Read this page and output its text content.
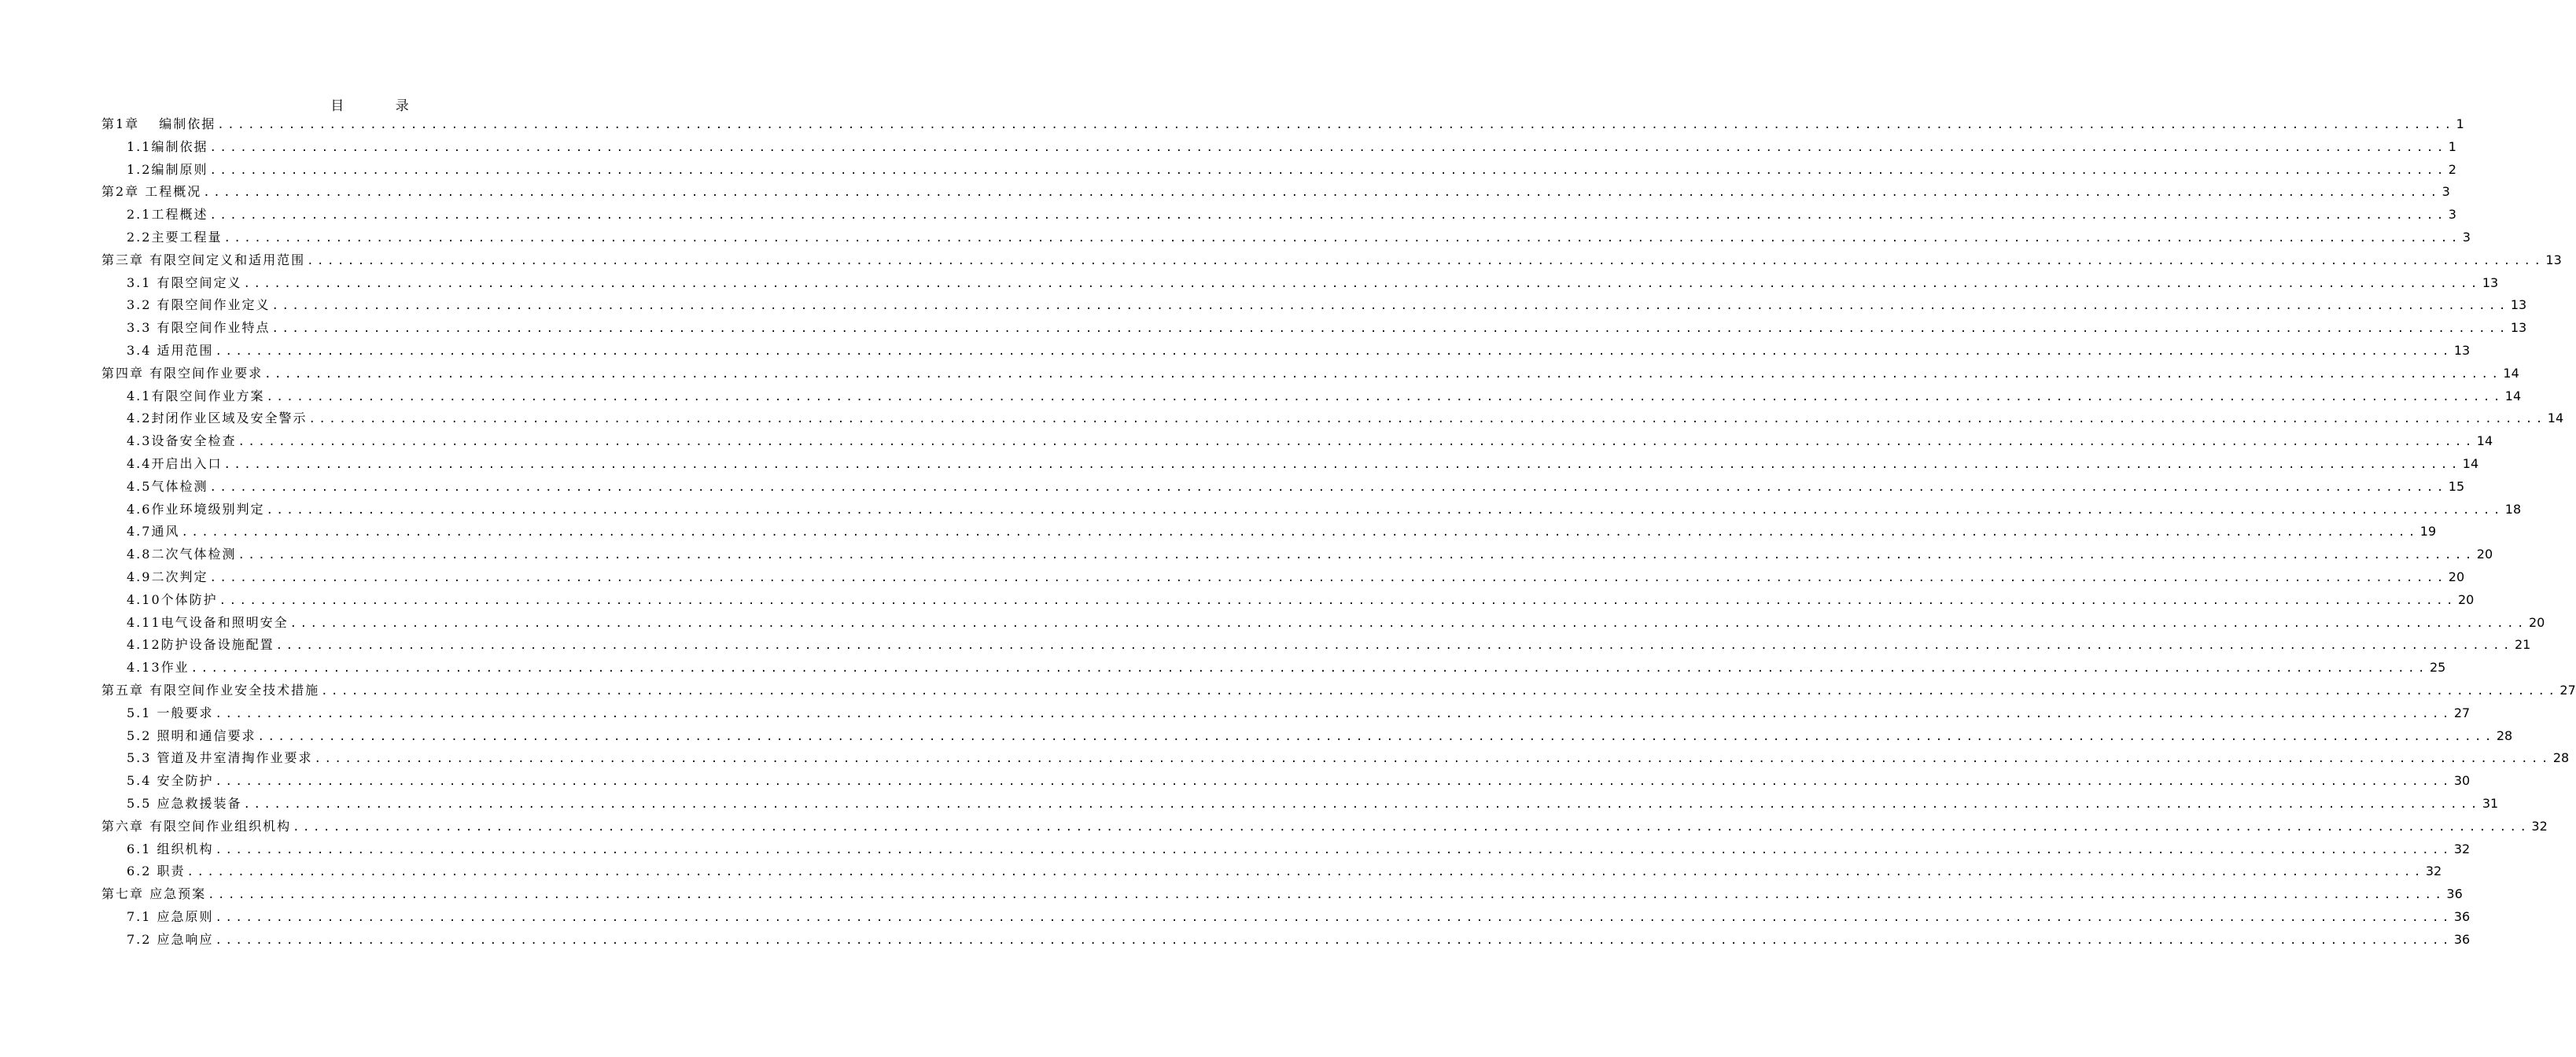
目 录
第1章　 编制依据 ............................................................................................................................................................................................................................ 1
1.1编制依据 ............................................................................................................................................................................................................................ 1
1.2编制原则 ............................................................................................................................................................................................................................ 2
第2章 工程概况 ............................................................................................................................................................................................................................ 3
2.1工程概述 ............................................................................................................................................................................................................................ 3
2.2主要工程量 ............................................................................................................................................................................................................................ 3
第三章 有限空间定义和适用范围 ............................................................................................................................................................................................................................ 13
3.1 有限空间定义 ............................................................................................................................................................................................................................ 13
3.2 有限空间作业定义 ............................................................................................................................................................................................................................ 13
3.3 有限空间作业特点 ............................................................................................................................................................................................................................ 13
3.4 适用范围 ............................................................................................................................................................................................................................ 13
第四章 有限空间作业要求 ............................................................................................................................................................................................................................ 14
4.1有限空间作业方案 ............................................................................................................................................................................................................................ 14
4.2封闭作业区域及安全警示 ............................................................................................................................................................................................................................ 14
4.3设备安全检查 ............................................................................................................................................................................................................................ 14
4.4开启出入口 ............................................................................................................................................................................................................................ 14
4.5气体检测 ............................................................................................................................................................................................................................ 15
4.6作业环境级别判定 ............................................................................................................................................................................................................................ 18
4.7通风 ............................................................................................................................................................................................................................ 19
4.8二次气体检测 ............................................................................................................................................................................................................................ 20
4.9二次判定 ............................................................................................................................................................................................................................ 20
4.10个体防护 ............................................................................................................................................................................................................................ 20
4.11电气设备和照明安全 ............................................................................................................................................................................................................................ 20
4.12防护设备设施配置 ............................................................................................................................................................................................................................ 21
4.13作业 ............................................................................................................................................................................................................................ 25
第五章 有限空间作业安全技术措施 ............................................................................................................................................................................................................................ 27
5.1 一般要求 ............................................................................................................................................................................................................................ 27
5.2 照明和通信要求 ............................................................................................................................................................................................................................ 28
5.3 管道及井室清掏作业要求 ............................................................................................................................................................................................................................ 28
5.4 安全防护 ............................................................................................................................................................................................................................ 30
5.5 应急救援装备 ............................................................................................................................................................................................................................ 31
第六章 有限空间作业组织机构 ............................................................................................................................................................................................................................ 32
6.1 组织机构 ............................................................................................................................................................................................................................ 32
6.2 职责 ............................................................................................................................................................................................................................ 32
第七章 应急预案 ............................................................................................................................................................................................................................ 36
7.1 应急原则 ............................................................................................................................................................................................................................ 36
7.2 应急响应 ............................................................................................................................................................................................................................ 36
